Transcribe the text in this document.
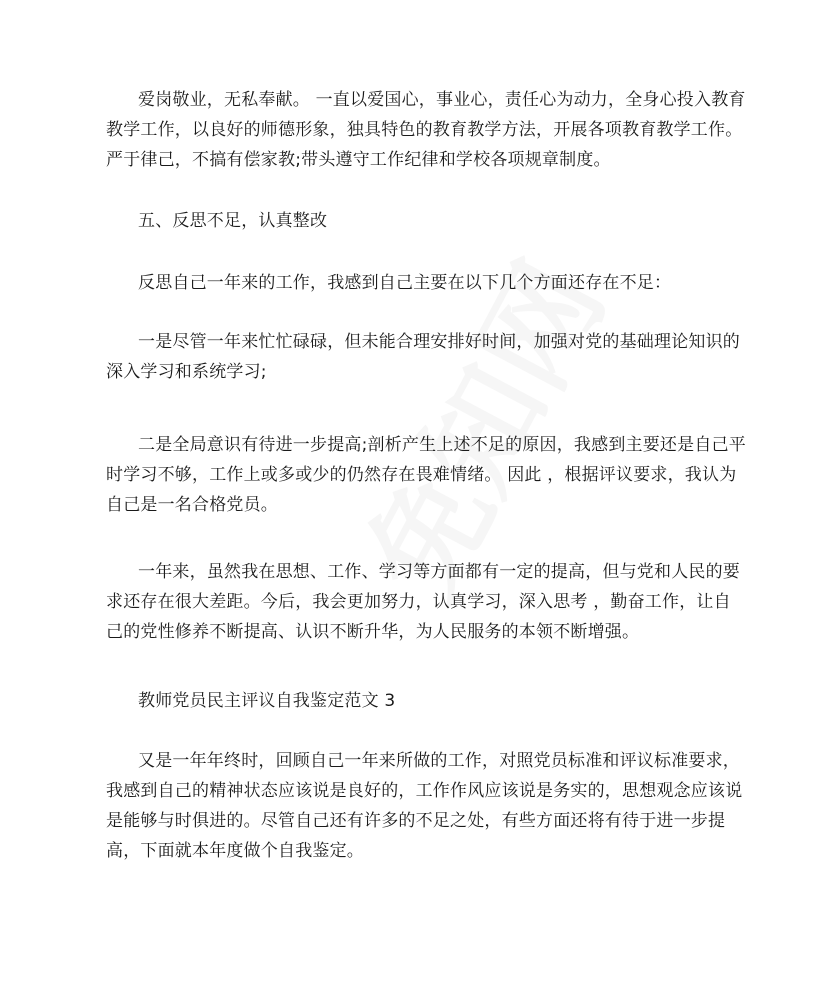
爱岗敬业，无私奉献。 一直以爱国心，事业心，责任心为动力，全身心投入教育教学工作，以良好的师德形象，独具特色的教育教学方法，开展各项教育教学工作。严于律己，不搞有偿家教;带头遵守工作纪律和学校各项规章制度。

五、反思不足，认真整改

反思自己一年来的工作，我感到自己主要在以下几个方面还存在不足：

一是尽管一年来忙忙碌碌，但未能合理安排好时间，加强对党的基础理论知识的深入学习和系统学习;

二是全局意识有待进一步提高;剖析产生上述不足的原因，我感到主要还是自己平时学习不够，工作上或多或少的仍然存在畏难情绪。 因此 ，根据评议要求，我认为自己是一名合格党员。

一年来，虽然我在思想、工作、学习等方面都有一定的提高，但与党和人民的要求还存在很大差距。今后，我会更加努力，认真学习，深入思考 ，勤奋工作，让自己的党性修养不断提高、认识不断升华，为人民服务的本领不断增强。

教师党员民主评议自我鉴定范文 3

又是一年年终时，回顾自己一年来所做的工作，对照党员标准和评议标准要求，我感到自己的精神状态应该说是良好的，工作作风应该说是务实的，思想观念应该说是能够与时俱进的。尽管自己还有许多的不足之处，有些方面还将有待于进一步提高，下面就本年度做个自我鉴定。
